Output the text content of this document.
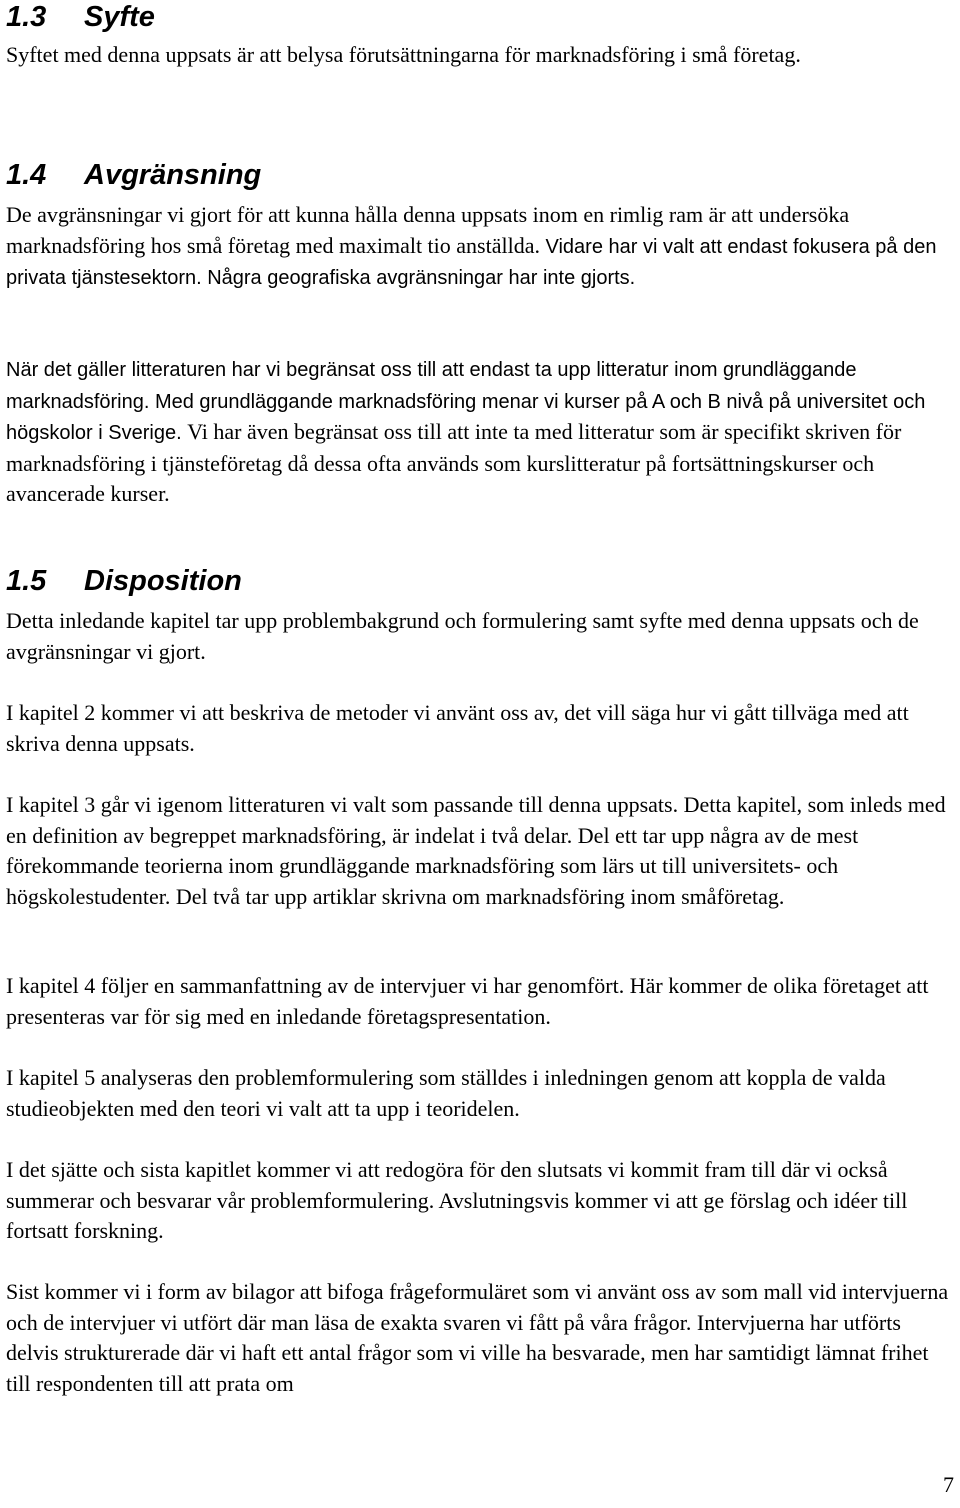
1.3 Syfte

Syftet med denna uppsats är att belysa förutsättningarna för marknadsföring i små företag.

1.4 Avgränsning

De avgränsningar vi gjort för att kunna hålla denna uppsats inom en rimlig ram är att undersöka marknadsföring hos små företag med maximalt tio anställda. Vidare har vi valt att endast fokusera på den privata tjänstesektorn. Några geografiska avgränsningar har inte gjorts.

När det gäller litteraturen har vi begränsat oss till att endast ta upp litteratur inom grundläggande marknadsföring. Med grundläggande marknadsföring menar vi kurser på A och B nivå på universitet och högskolor i Sverige. Vi har även begränsat oss till att inte ta med litteratur som är specifikt skriven för marknadsföring i tjänsteföretag då dessa ofta används som kurslitteratur på fortsättningskurser och avancerade kurser.

1.5 Disposition

Detta inledande kapitel tar upp problembakgrund och formulering samt syfte med denna uppsats och de avgränsningar vi gjort.

I kapitel 2 kommer vi att beskriva de metoder vi använt oss av, det vill säga hur vi gått tillväga med att skriva denna uppsats.

I kapitel 3 går vi igenom litteraturen vi valt som passande till denna uppsats. Detta kapitel, som inleds med en definition av begreppet marknadsföring, är indelat i två delar. Del ett tar upp några av de mest förekommande teorierna inom grundläggande marknadsföring som lärs ut till universitets- och högskolestudenter. Del två tar upp artiklar skrivna om marknadsföring inom småföretag.

I kapitel 4 följer en sammanfattning av de intervjuer vi har genomfört. Här kommer de olika företaget att presenteras var för sig med en inledande företagspresentation.

I kapitel 5 analyseras den problemformulering som ställdes i inledningen genom att koppla de valda studieobjekten med den teori vi valt att ta upp i teoridelen.

I det sjätte och sista kapitlet kommer vi att redogöra för den slutsats vi kommit fram till där vi också summerar och besvarar vår problemformulering. Avslutningsvis kommer vi att ge förslag och idéer till fortsatt forskning.

Sist kommer vi i form av bilagor att bifoga frågeformuläret som vi använt oss av som mall vid intervjuerna och de intervjuer vi utfört där man läsa de exakta svaren vi fått på våra frågor. Intervjuerna har utförts delvis strukturerade där vi haft ett antal frågor som vi ville ha besvarade, men har samtidigt lämnat frihet till respondenten till att prata om

7
